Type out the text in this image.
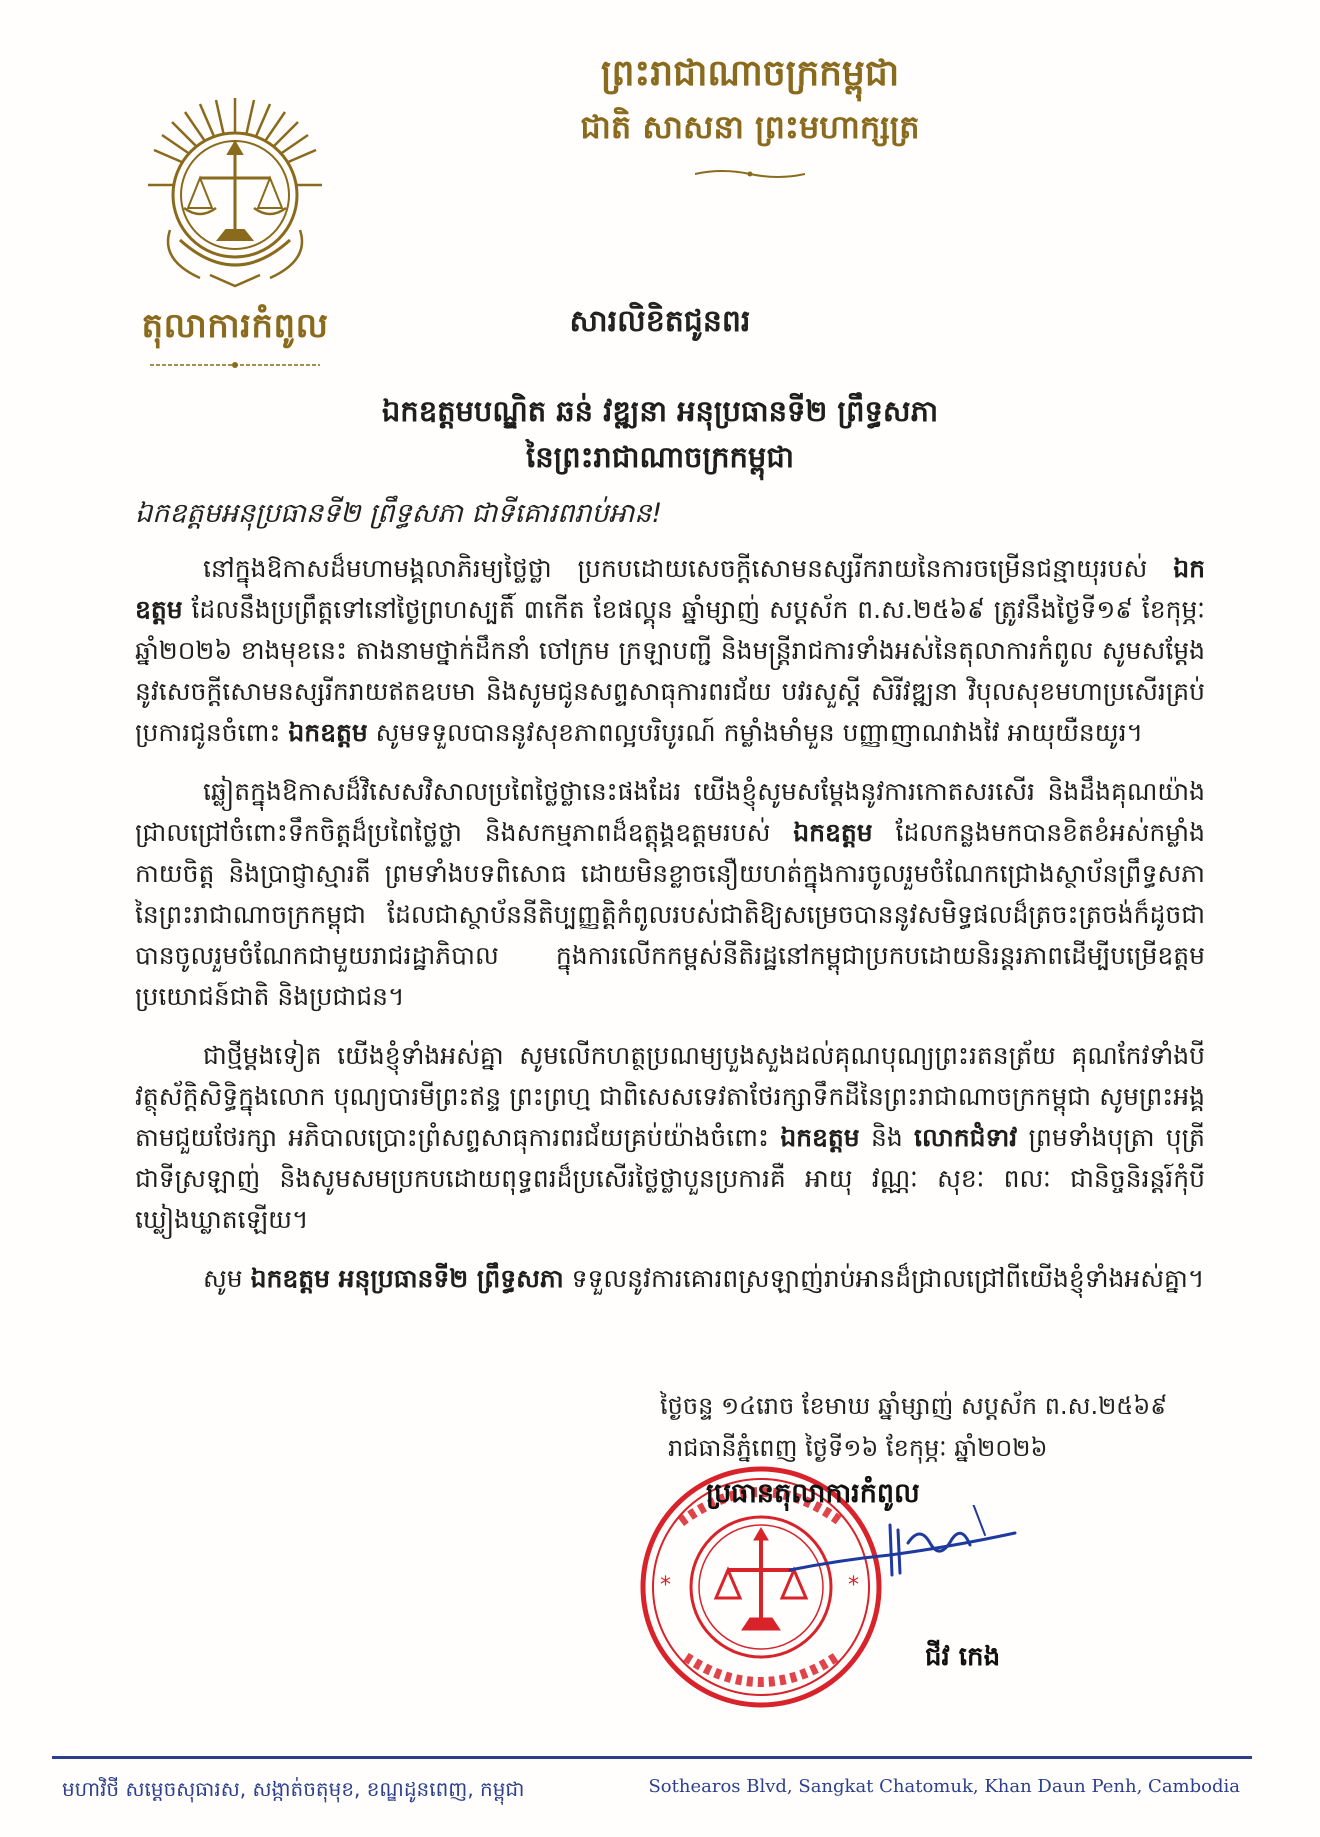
តុលាការកំពូល
ព្រះរាជាណាចក្រកម្ពុជា
ជាតិ សាសនា ព្រះមហាក្សត្រ
សារលិខិតជូនពរ
ឯកឧត្តមបណ្ឌិត ឆន់ វឌ្ឍនា អនុប្រធានទី២ ព្រឹទ្ធសភា
នៃព្រះរាជាណាចក្រកម្ពុជា
ឯកឧត្តមអនុប្រធានទី២ ព្រឹទ្ធសភា ជាទីគោរពរាប់អាន!

នៅក្នុងឱកាសដ៏មហាមង្គលាភិរម្យថ្លៃថ្លា ប្រកបដោយសេចក្តីសោមនស្សរីករាយនៃការចម្រើនជន្មាយុរបស់ ឯកឧត្តម ដែលនឹងប្រព្រឹត្តទៅនៅថ្ងៃព្រហស្បតិ៍ ៣កើត ខែផល្គុន ឆ្នាំម្សាញ់ សប្តស័ក ព.ស.២៥៦៩ ត្រូវនឹងថ្ងៃទី១៩ ខែកុម្ភៈ ឆ្នាំ២០២៦ ខាងមុខនេះ តាងនាមថ្នាក់ដឹកនាំ ចៅក្រម ក្រឡាបញ្ជី និងមន្ត្រីរាជការទាំងអស់នៃតុលាការកំពូល សូមសម្តែងនូវសេចក្តីសោមនស្សរីករាយឥតឧបមា និងសូមជូនសព្ទសាធុការពរជ័យ បវរសួស្តី សិរីវឌ្ឍនា វិបុលសុខមហាប្រសើរគ្រប់ប្រការជូនចំពោះ ឯកឧត្តម សូមទទួលបាននូវសុខភាពល្អបរិបូរណ៍ កម្លាំងមាំមួន បញ្ញាញាណវាងវៃ អាយុយឺនយូរ។

ឆ្លៀតក្នុងឱកាសដ៏វិសេសវិសាលប្រពៃថ្លៃថ្លានេះផងដែរ យើងខ្ញុំសូមសម្តែងនូវការកោតសរសើរ និងដឹងគុណយ៉ាងជ្រាលជ្រៅចំពោះទឹកចិត្តដ៏ប្រពៃថ្លៃថ្លា និងសកម្មភាពដ៏ឧត្តុង្គឧត្តមរបស់ ឯកឧត្តម ដែលកន្លងមកបានខិតខំអស់កម្លាំងកាយចិត្ត និងប្រាជ្ញាស្មារតី ព្រមទាំងបទពិសោធ ដោយមិនខ្លាចនឿយហត់ក្នុងការចូលរួមចំណែកជ្រោងស្ថាប័នព្រឹទ្ធសភា នៃព្រះរាជាណាចក្រកម្ពុជា ដែលជាស្ថាប័ននីតិប្បញ្ញត្តិកំពូលរបស់ជាតិឱ្យសម្រេចបាននូវសមិទ្ធផលដ៏ត្រចះត្រចង់ក៏ដូចជាបានចូលរួមចំណែកជាមួយរាជរដ្ឋាភិបាល ក្នុងការលើកកម្ពស់នីតិរដ្ឋនៅកម្ពុជាប្រកបដោយនិរន្តរភាពដើម្បីបម្រើឧត្តមប្រយោជន៍ជាតិ និងប្រជាជន។

ជាថ្មីម្តងទៀត យើងខ្ញុំទាំងអស់គ្នា សូមលើកហត្ថប្រណម្យបួងសួងដល់គុណបុណ្យព្រះរតនត្រ័យ គុណកែវទាំងបី វត្ថុស័ក្តិសិទ្ធិក្នុងលោក បុណ្យបារមីព្រះឥន្ទ ព្រះព្រហ្ម ជាពិសេសទេវតាថែរក្សាទឹកដីនៃព្រះរាជាណាចក្រកម្ពុជា សូមព្រះអង្គតាមជួយថែរក្សា អភិបាលប្រោះព្រំសព្ទសាធុការពរជ័យគ្រប់យ៉ាងចំពោះ ឯកឧត្តម និង លោកជំទាវ ព្រមទាំងបុត្រា បុត្រី ជាទីស្រឡាញ់ និងសូមសមប្រកបដោយពុទ្ធពរដ៏ប្រសើរថ្លៃថ្លាបួនប្រការគឺ អាយុ វណ្ណៈ សុខៈ ពលៈ ជានិច្ចនិរន្តរ៍កុំបីឃ្លៀងឃ្លាតឡើយ។

សូម ឯកឧត្តម អនុប្រធានទី២ ព្រឹទ្ធសភា ទទួលនូវការគោរពស្រឡាញ់រាប់អានដ៏ជ្រាលជ្រៅពីយើងខ្ញុំទាំងអស់គ្នា។

ថ្ងៃចន្ទ ១៤រោច ខែមាឃ ឆ្នាំម្សាញ់ សប្តស័ក ព.ស.២៥៦៩
រាជធានីភ្នំពេញ ថ្ងៃទី១៦ ខែកុម្ភៈ ឆ្នាំ២០២៦
*	*
ប្រធានតុលាការកំពូល
ជីវ កេង
មហាវិថី សម្តេចសុធារស, សង្កាត់ចតុមុខ, ខណ្ឌដូនពេញ, កម្ពុជា	Sothearos Blvd, Sangkat Chatomuk, Khan Daun Penh, Cambodia
